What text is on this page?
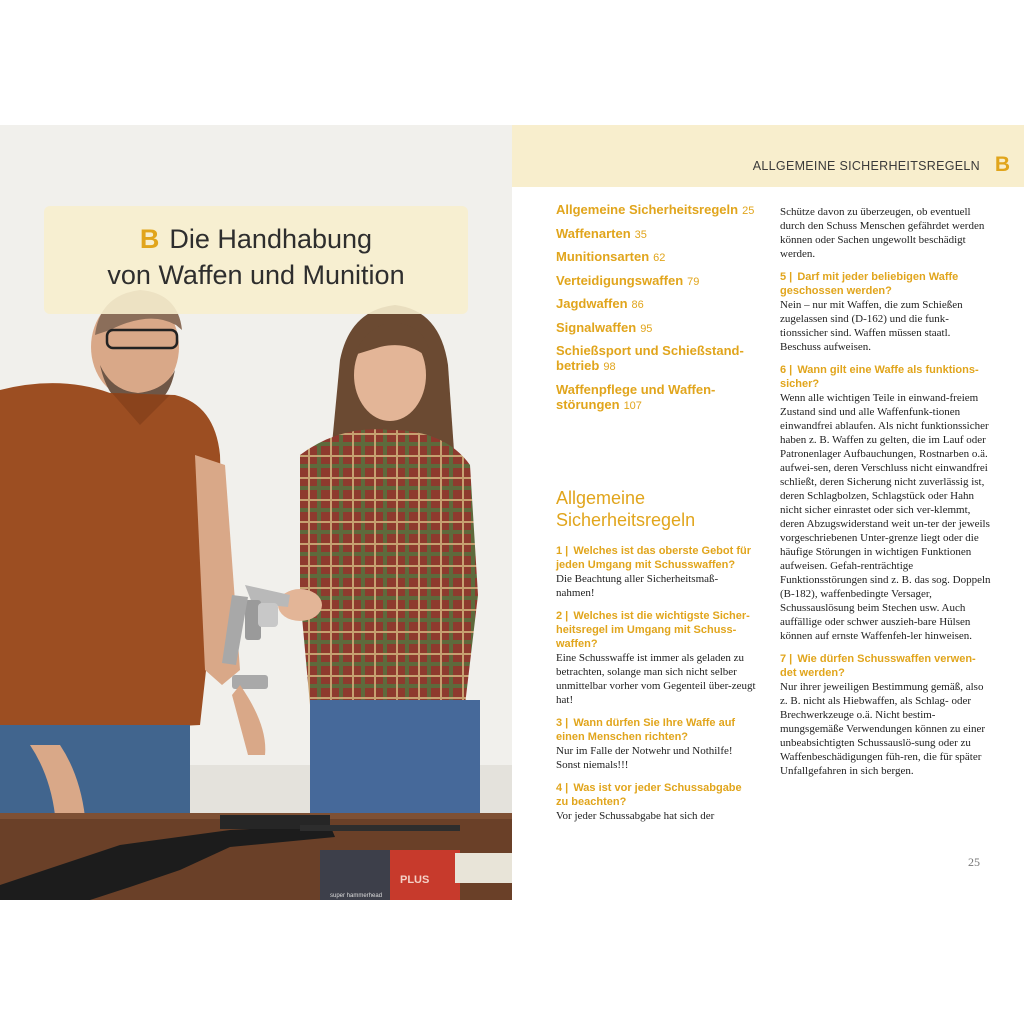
PLUS
super hammerhead
B Die Handhabung
von Waffen und Munition
ALLGEMEINE SICHERHEITSREGELN B
Allgemeine Sicherheitsregeln 25
Waffenarten 35
Munitionsarten 62
Verteidigungswaffen 79
Jagdwaffen 86
Signalwaffen 95
Schießsport und Schießstand-betrieb 98
Waffenpflege und Waffen-störungen 107
Allgemeine
Sicherheitsregeln
1 | Welches ist das oberste Gebot für jeden Umgang mit Schusswaffen?
Die Beachtung aller Sicherheitsmaß-nahmen!
2 | Welches ist die wichtigste Sicher-heitsregel im Umgang mit Schuss-waffen?
Eine Schusswaffe ist immer als geladen zu betrachten, solange man sich nicht selber unmittelbar vorher vom Gegenteil über-zeugt hat!
3 | Wann dürfen Sie Ihre Waffe auf einen Menschen richten?
Nur im Falle der Notwehr und Nothilfe! Sonst niemals!!!
4 | Was ist vor jeder Schussabgabe zu beachten?
Vor jeder Schussabgabe hat sich der
Schütze davon zu überzeugen, ob eventuell durch den Schuss Menschen gefährdet werden können oder Sachen ungewollt beschädigt werden.
5 | Darf mit jeder beliebigen Waffe geschossen werden?
Nein – nur mit Waffen, die zum Schießen zugelassen sind (D-162) und die funk-tionssicher sind. Waffen müssen staatl. Beschuss aufweisen.
6 | Wann gilt eine Waffe als funktions-sicher?
Wenn alle wichtigen Teile in einwand-freiem Zustand sind und alle Waffenfunk-tionen einwandfrei ablaufen. Als nicht funktionssicher haben z. B. Waffen zu gelten, die im Lauf oder Patronenlager Aufbauchungen, Rostnarben o.ä. aufwei-sen, deren Verschluss nicht einwandfrei schließt, deren Sicherung nicht zuverlässig ist, deren Schlagbolzen, Schlagstück oder Hahn nicht sicher einrastet oder sich ver-klemmt, deren Abzugswiderstand weit un-ter der jeweils vorgeschriebenen Unter-grenze liegt oder die häufige Störungen in wichtigen Funktionen aufweisen. Gefah-renträchtige Funktionsstörungen sind z. B. das sog. Doppeln (B-182), waffenbedingte Versager, Schussauslösung beim Stechen usw. Auch auffällige oder schwer auszieh-bare Hülsen können auf ernste Waffenfeh-ler hinweisen.
7 | Wie dürfen Schusswaffen verwen-det werden?
Nur ihrer jeweiligen Bestimmung gemäß, also z. B. nicht als Hiebwaffen, als Schlag- oder Brechwerkzeuge o.ä. Nicht bestim-mungsgemäße Verwendungen können zu einer unbeabsichtigten Schussauslö-sung oder zu Waffenbeschädigungen füh-ren, die für später Unfallgefahren in sich bergen.
25
